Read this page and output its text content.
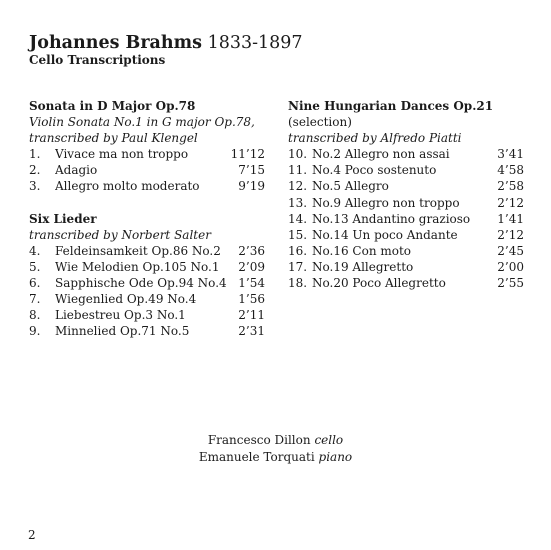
Johannes Brahms 1833-1897
Cello Transcriptions
Sonata in D Major Op.78
Violin Sonata No.1 in G major Op.78,
transcribed by Paul Klengel
1.	Vivace ma non troppo	11’12
2.	Adagio	7’15
3.	Allegro molto moderato	9’19
Six Lieder
transcribed by Norbert Salter
4.	Feldeinsamkeit Op.86 No.2	2’36
5.	Wie Melodien Op.105 No.1	2’09
6.	Sapphische Ode Op.94 No.4 1’54
7.	Wiegenlied Op.49 No.4	1’56
8.	Liebestreu Op.3 No.1	2’11
9.	Minnelied Op.71 No.5	2’31
Nine Hungarian Dances Op.21
(selection)
transcribed by Alfredo Piatti
10. No.2 Allegro non assai	3’41
11. No.4 Poco sostenuto	4’58
12. No.5 Allegro	2’58
13. No.9 Allegro non troppo	2’12
14. No.13 Andantino grazioso	1’41
15. No.14 Un poco Andante	2’12
16. No.16 Con moto	2’45
17. No.19 Allegretto	2’00
18. No.20 Poco Allegretto	2’55
Francesco Dillon cello
Emanuele Torquati piano
2
